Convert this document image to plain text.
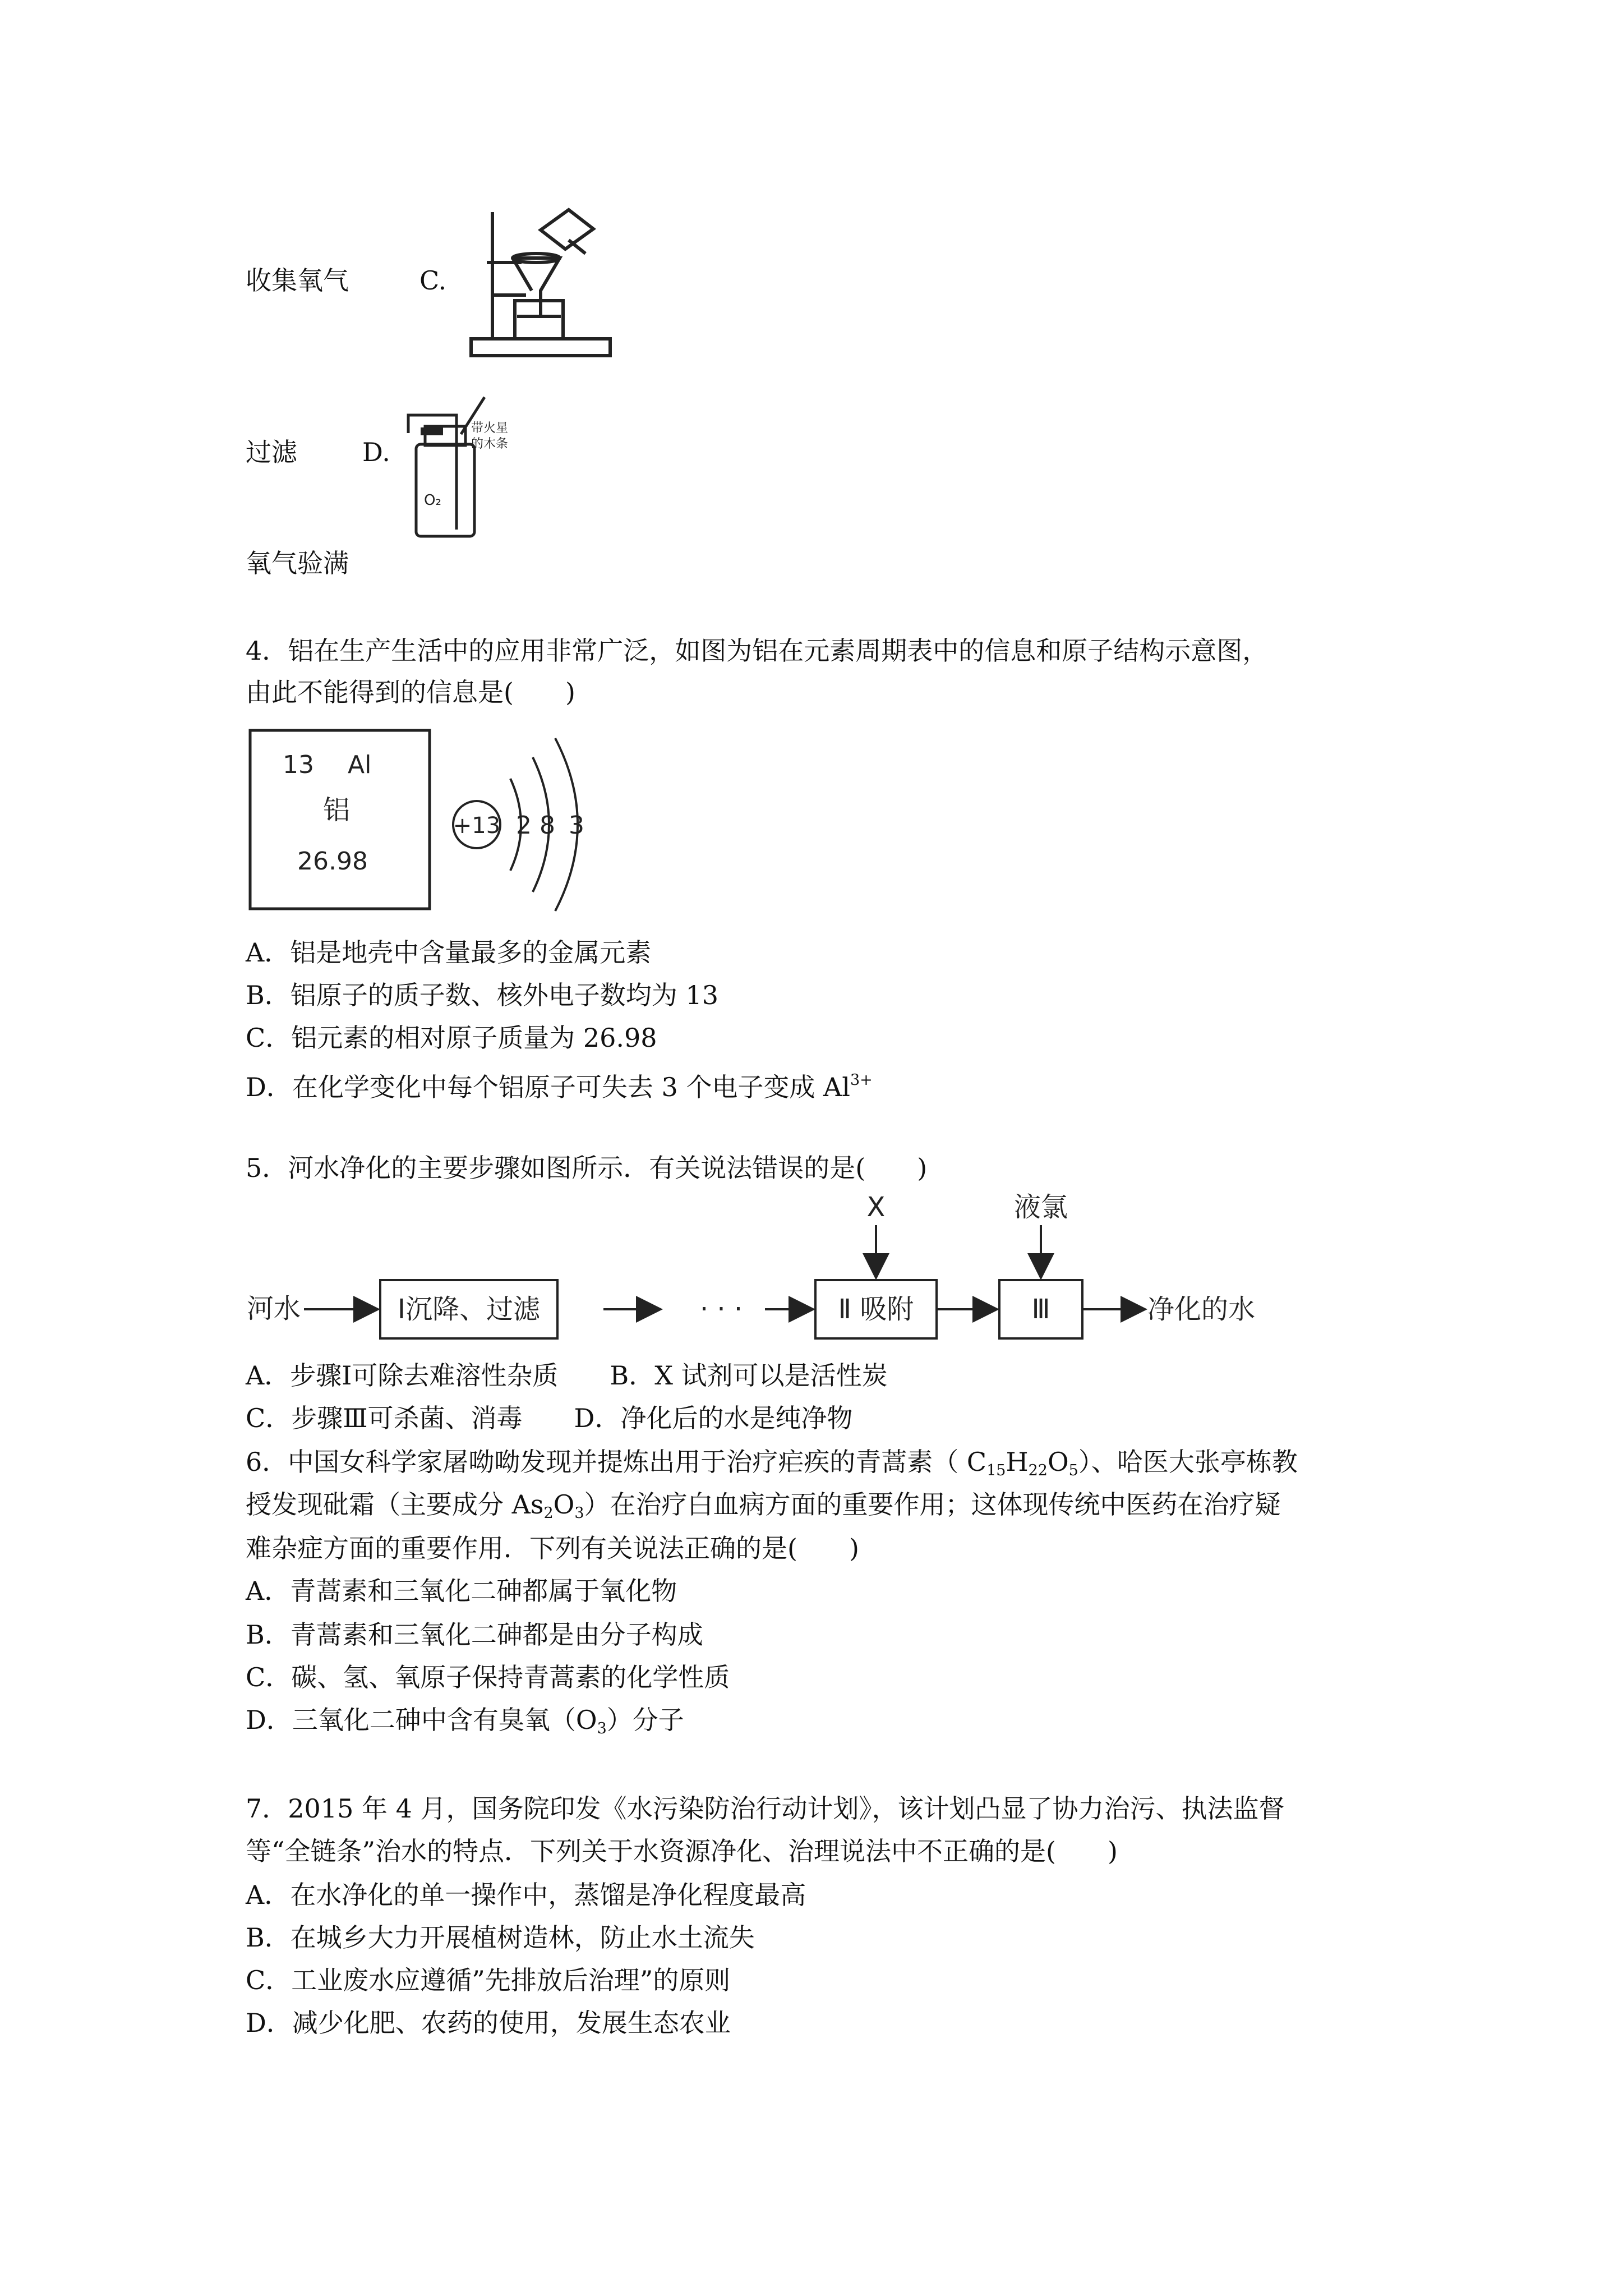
收集氧气	C.
过滤	D.
带火星
的木条
O₂
氧气验满
4．铝在生产生活中的应用非常广泛，如图为铝在元素周期表中的信息和原子结构示意图，
由此不能得到的信息是(　　)
13 Al
铝
26.98
+13 2 8 3
A．铝是地壳中含量最多的金属元素
B．铝原子的质子数、核外电子数均为 13
C．铝元素的相对原子质量为 26.98
D．在化学变化中每个铝原子可失去 3 个电子变成 $Al^{3+}$
5．河水净化的主要步骤如图所示．有关说法错误的是(　　)
河水	Ⅰ沉降、过滤	· · ·
X
Ⅱ 吸附
液氯
Ⅲ	净化的水
A．步骤Ⅰ可除去难溶性杂质　　B．X 试剂可以是活性炭
C．步骤Ⅲ可杀菌、消毒　　D．净化后的水是纯净物
6．中国女科学家屠呦呦发现并提炼出用于治疗疟疾的青蒿素（ C15H22O5）、哈医大张亭栋教
授发现砒霜（主要成分 As2O3）在治疗白血病方面的重要作用；这体现传统中医药在治疗疑
难杂症方面的重要作用．下列有关说法正确的是(　　)
A．青蒿素和三氧化二砷都属于氧化物
B．青蒿素和三氧化二砷都是由分子构成
C．碳、氢、氧原子保持青蒿素的化学性质
D．三氧化二砷中含有臭氧（O3）分子
7．2015 年 4 月，国务院印发《水污染防治行动计划》，该计划凸显了协力治污、执法监督
等“全链条”治水的特点．下列关于水资源净化、治理说法中不正确的是(　　)
A．在水净化的单一操作中，蒸馏是净化程度最高
B．在城乡大力开展植树造林，防止水土流失
C．工业废水应遵循”先排放后治理”的原则
D．减少化肥、农药的使用，发展生态农业
